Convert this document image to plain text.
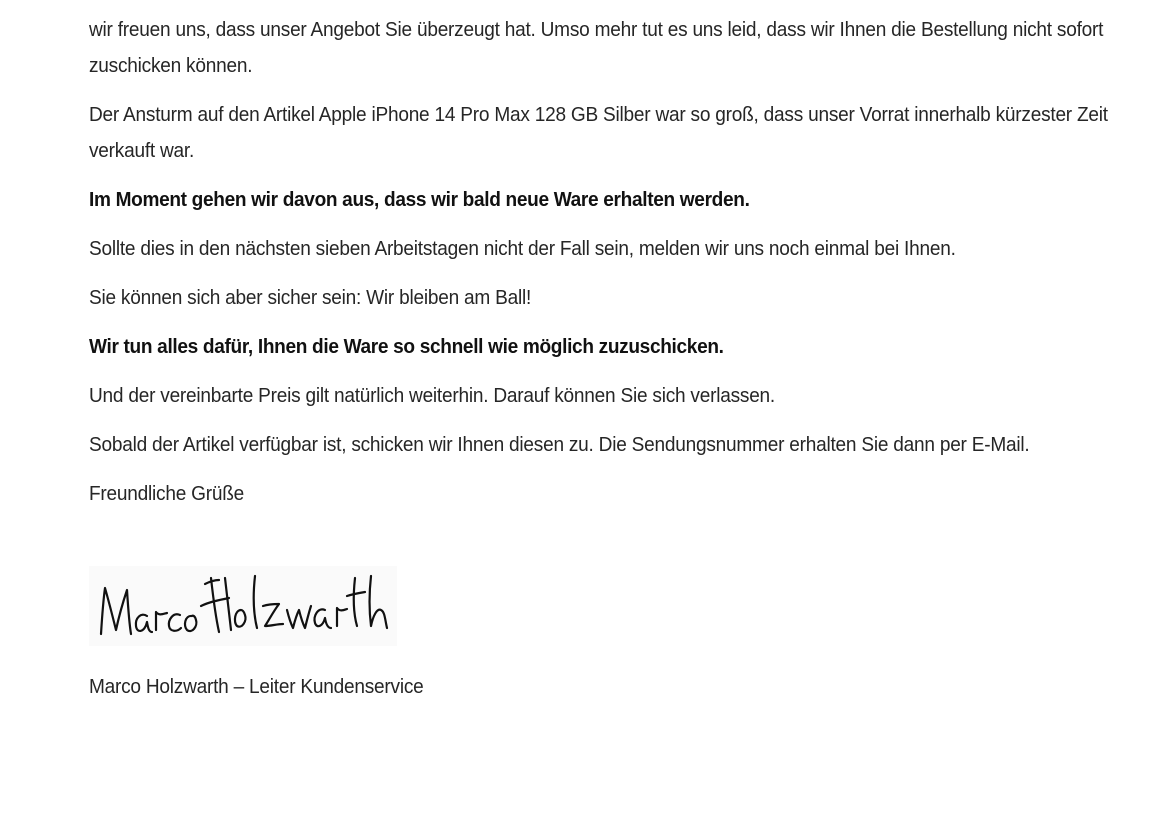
wir freuen uns, dass unser Angebot Sie überzeugt hat. Umso mehr tut es uns leid, dass wir Ihnen die Bestellung nicht sofort zuschicken können.

Der Ansturm auf den Artikel Apple iPhone 14 Pro Max 128 GB Silber war so groß, dass unser Vorrat innerhalb kürzester Zeit verkauft war.

Im Moment gehen wir davon aus, dass wir bald neue Ware erhalten werden.

Sollte dies in den nächsten sieben Arbeitstagen nicht der Fall sein, melden wir uns noch einmal bei Ihnen.

Sie können sich aber sicher sein: Wir bleiben am Ball!

Wir tun alles dafür, Ihnen die Ware so schnell wie möglich zuzuschicken.

Und der vereinbarte Preis gilt natürlich weiterhin. Darauf können Sie sich verlassen.

Sobald der Artikel verfügbar ist, schicken wir Ihnen diesen zu. Die Sendungsnummer erhalten Sie dann per E-Mail.

Freundliche Grüße

Marco Holzwarth – Leiter Kundenservice
